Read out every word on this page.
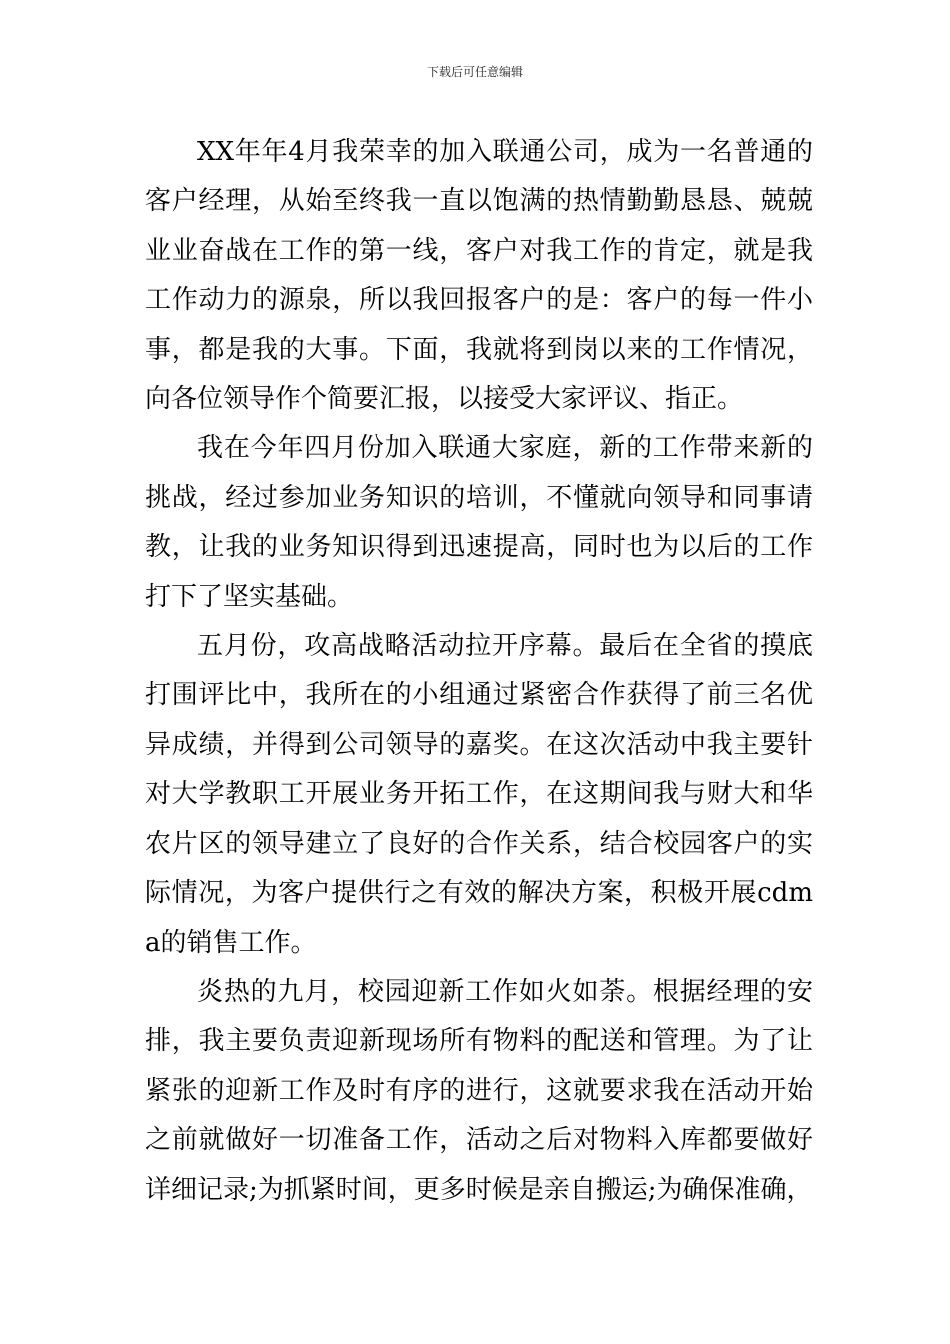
下载后可任意编辑

XX年年4月我荣幸的加入联通公司，成为一名普通的客户经理，从始至终我一直以饱满的热情勤勤恳恳、兢兢业业奋战在工作的第一线，客户对我工作的肯定，就是我工作动力的源泉，所以我回报客户的是：客户的每一件小事，都是我的大事。下面，我就将到岗以来的工作情况，向各位领导作个简要汇报，以接受大家评议、指正。

我在今年四月份加入联通大家庭，新的工作带来新的挑战，经过参加业务知识的培训，不懂就向领导和同事请教，让我的业务知识得到迅速提高，同时也为以后的工作打下了坚实基础。

五月份，攻高战略活动拉开序幕。最后在全省的摸底打围评比中，我所在的小组通过紧密合作获得了前三名优异成绩，并得到公司领导的嘉奖。在这次活动中我主要针对大学教职工开展业务开拓工作，在这期间我与财大和华农片区的领导建立了良好的合作关系，结合校园客户的实际情况，为客户提供行之有效的解决方案，积极开展cdma的销售工作。

炎热的九月，校园迎新工作如火如荼。根据经理的安排，我主要负责迎新现场所有物料的配送和管理。为了让紧张的迎新工作及时有序的进行，这就要求我在活动开始之前就做好一切准备工作，活动之后对物料入库都要做好详细记录;为抓紧时间，更多时候是亲自搬运;为确保准确，
